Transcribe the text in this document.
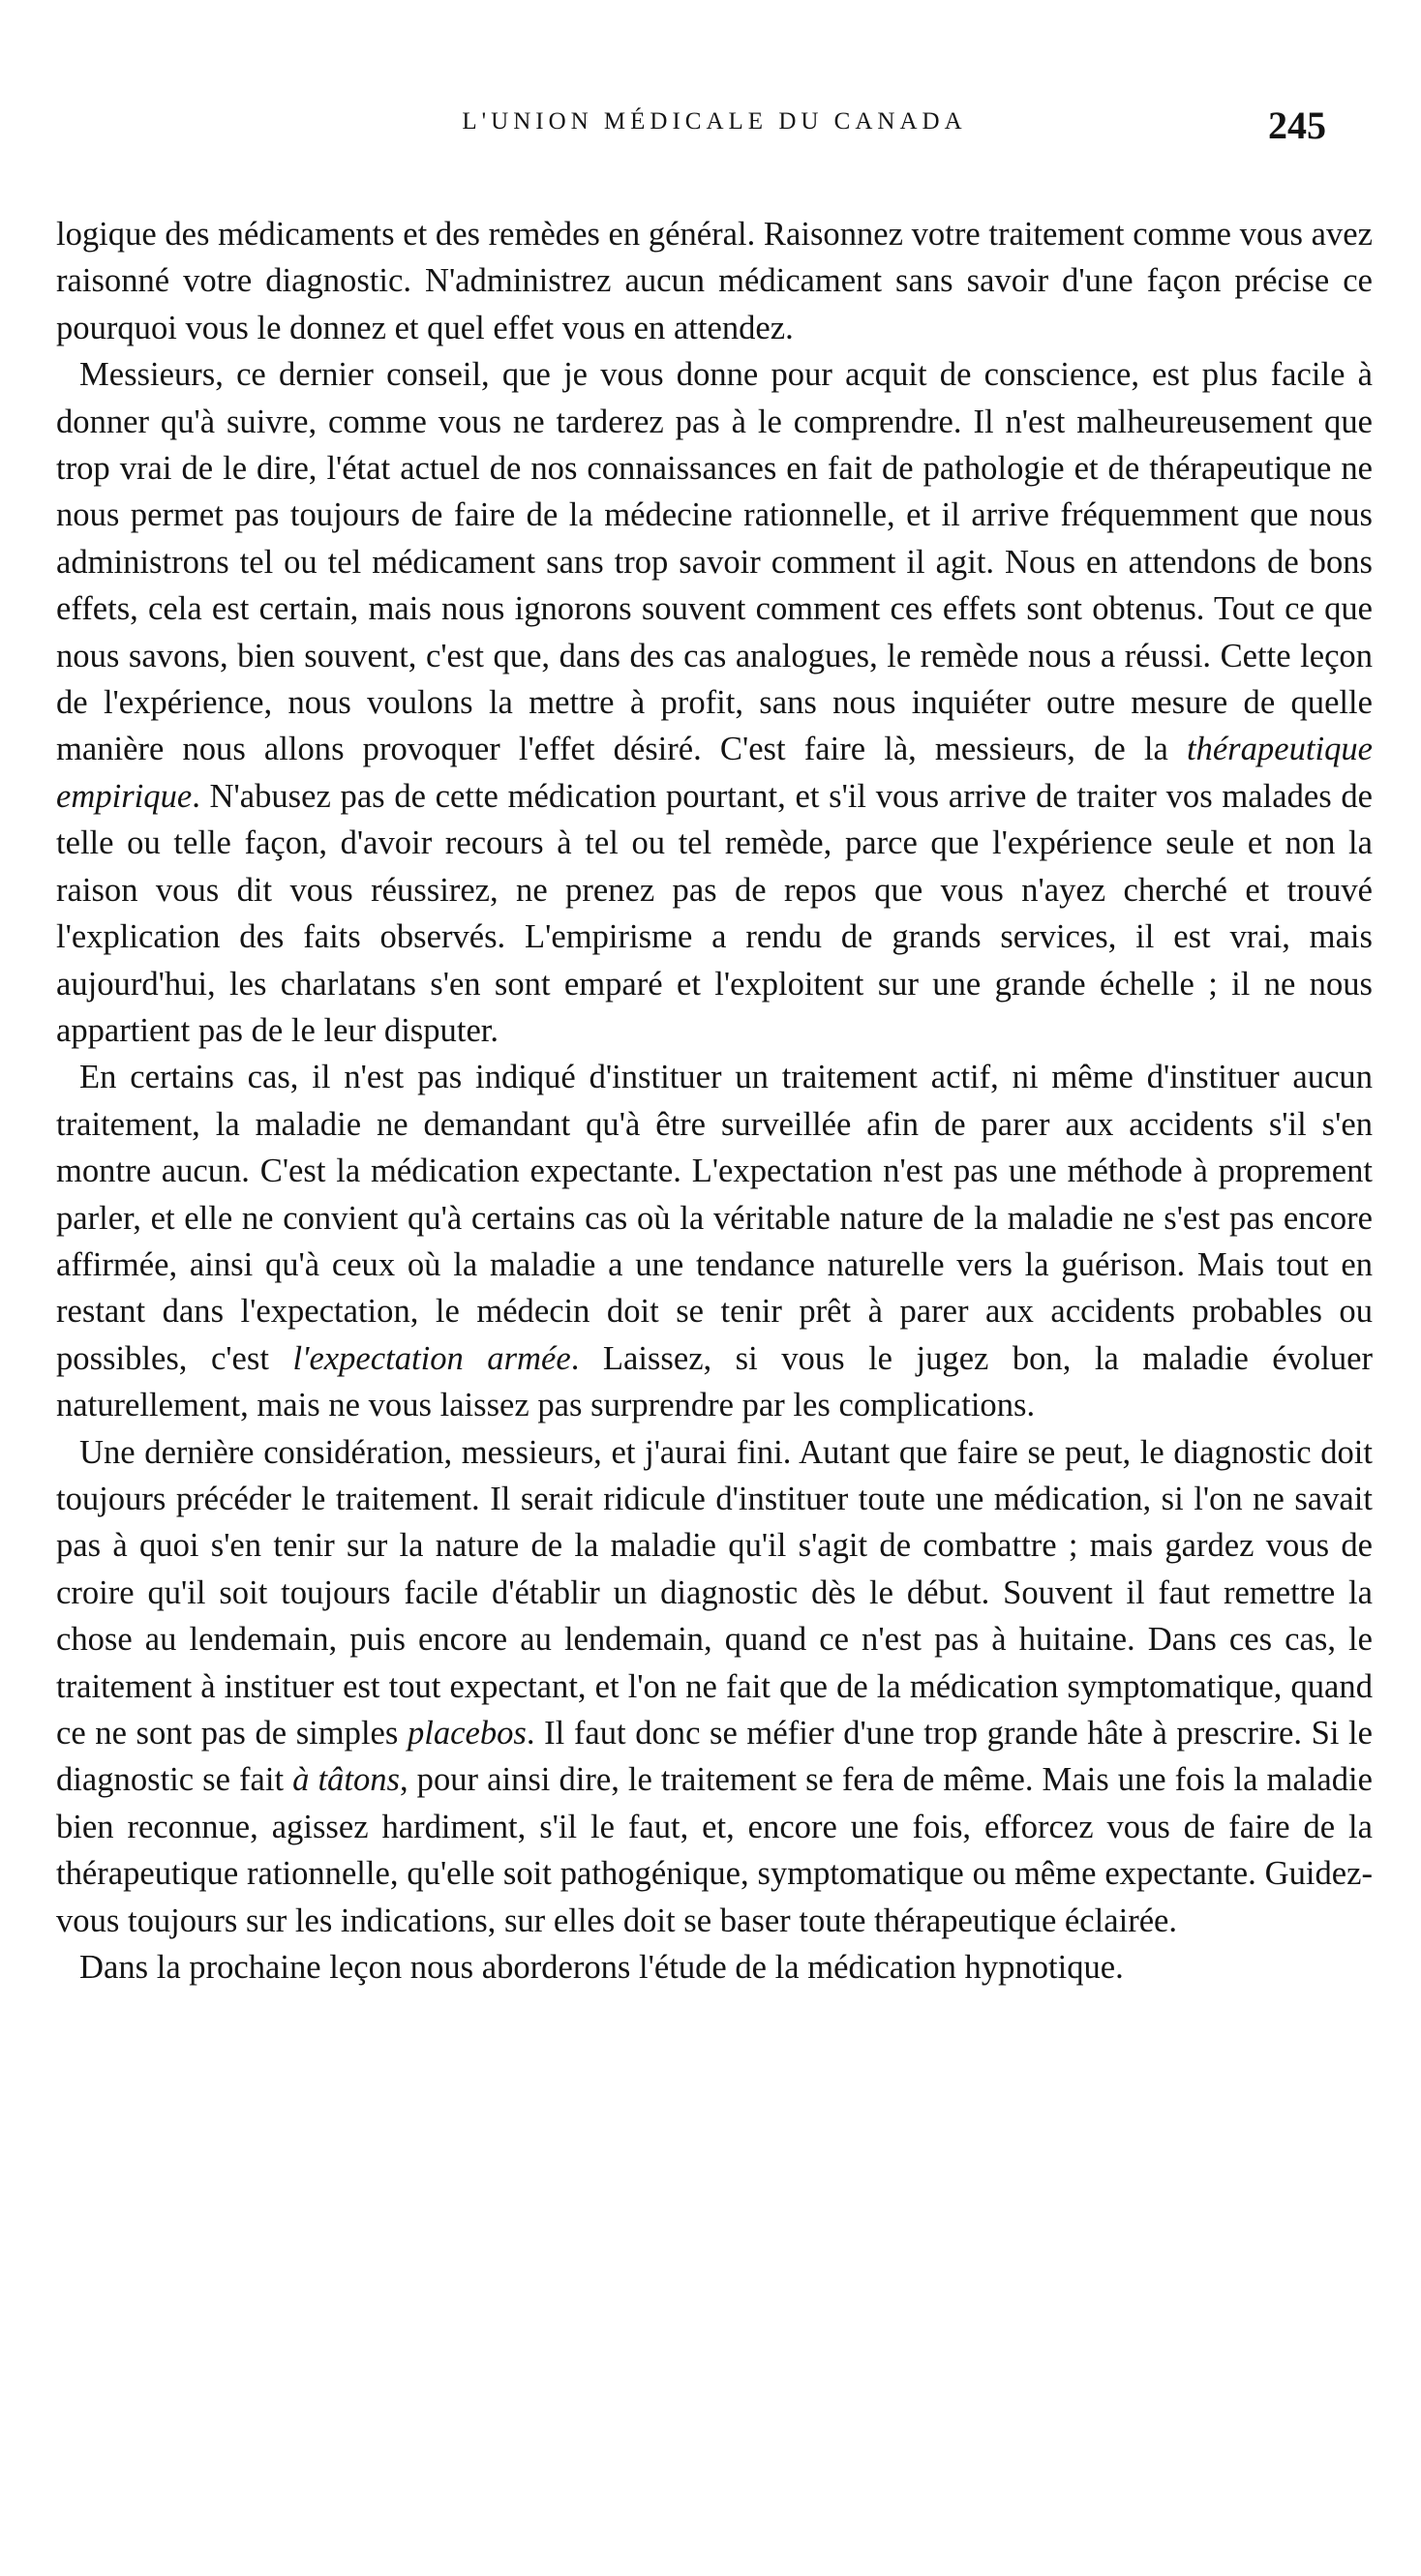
L'UNION MÉDICALE DU CANADA	245

logique des médicaments et des remèdes en général. Raisonnez votre traitement comme vous avez raisonné votre diagnostic. N'administrez aucun médicament sans savoir d'une façon précise ce pourquoi vous le donnez et quel effet vous en attendez.

Messieurs, ce dernier conseil, que je vous donne pour acquit de conscience, est plus facile à donner qu'à suivre, comme vous ne tarderez pas à le comprendre. Il n'est malheureusement que trop vrai de le dire, l'état actuel de nos connaissances en fait de pathologie et de thérapeutique ne nous permet pas toujours de faire de la médecine rationnelle, et il arrive fréquemment que nous administrons tel ou tel médicament sans trop savoir comment il agit. Nous en attendons de bons effets, cela est certain, mais nous ignorons souvent comment ces effets sont obtenus. Tout ce que nous savons, bien souvent, c'est que, dans des cas analogues, le remède nous a réussi. Cette leçon de l'expérience, nous voulons la mettre à profit, sans nous inquiéter outre mesure de quelle manière nous allons provoquer l'effet désiré. C'est faire là, messieurs, de la thérapeutique empirique. N'abusez pas de cette médication pourtant, et s'il vous arrive de traiter vos malades de telle ou telle façon, d'avoir recours à tel ou tel remède, parce que l'expérience seule et non la raison vous dit vous réussirez, ne prenez pas de repos que vous n'ayez cherché et trouvé l'explication des faits observés. L'empirisme a rendu de grands services, il est vrai, mais aujourd'hui, les charlatans s'en sont emparé et l'exploitent sur une grande échelle ; il ne nous appartient pas de le leur disputer.

En certains cas, il n'est pas indiqué d'instituer un traitement actif, ni même d'instituer aucun traitement, la maladie ne demandant qu'à être surveillée afin de parer aux accidents s'il s'en montre aucun. C'est la médication expectante. L'expectation n'est pas une méthode à proprement parler, et elle ne convient qu'à certains cas où la véritable nature de la maladie ne s'est pas encore affirmée, ainsi qu'à ceux où la maladie a une tendance naturelle vers la guérison. Mais tout en restant dans l'expectation, le médecin doit se tenir prêt à parer aux accidents probables ou possibles, c'est l'expectation armée. Laissez, si vous le jugez bon, la maladie évoluer naturellement, mais ne vous laissez pas surprendre par les complications.

Une dernière considération, messieurs, et j'aurai fini. Autant que faire se peut, le diagnostic doit toujours précéder le traitement. Il serait ridicule d'instituer toute une médication, si l'on ne savait pas à quoi s'en tenir sur la nature de la maladie qu'il s'agit de combattre ; mais gardez vous de croire qu'il soit toujours facile d'établir un diagnostic dès le début. Souvent il faut remettre la chose au lendemain, puis encore au lendemain, quand ce n'est pas à huitaine. Dans ces cas, le traitement à instituer est tout expectant, et l'on ne fait que de la médication symptomatique, quand ce ne sont pas de simples placebos. Il faut donc se méfier d'une trop grande hâte à prescrire. Si le diagnostic se fait à tâtons, pour ainsi dire, le traitement se fera de même. Mais une fois la maladie bien reconnue, agissez hardiment, s'il le faut, et, encore une fois, efforcez vous de faire de la thérapeutique rationnelle, qu'elle soit pathogénique, symptomatique ou même expectante. Guidez-vous toujours sur les indications, sur elles doit se baser toute thérapeutique éclairée.

Dans la prochaine leçon nous aborderons l'étude de la médication hypnotique.
